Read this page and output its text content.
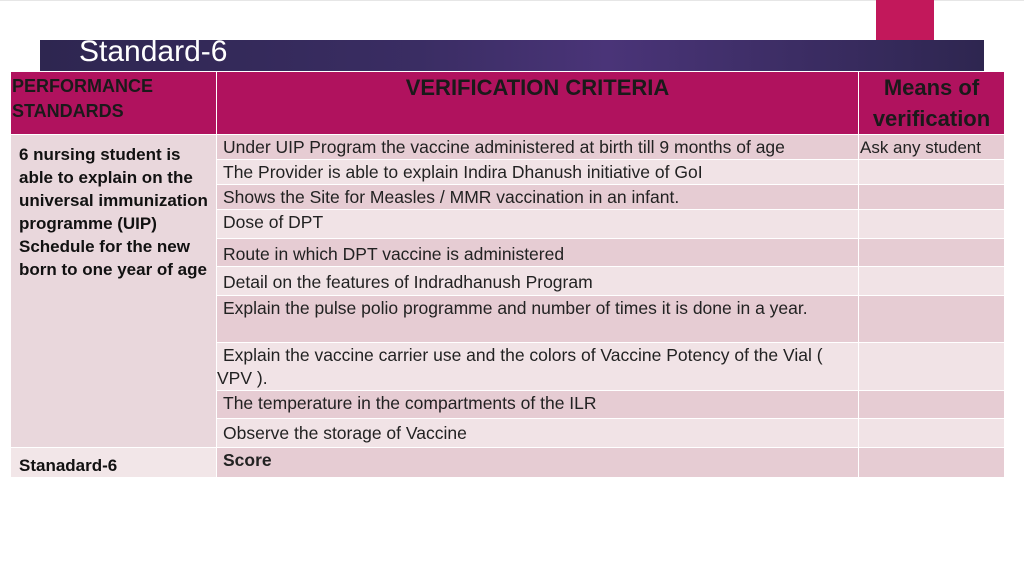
Standard-6
PERFORMANCE STANDARDS	VERIFICATION CRITERIA	Means of verification
6 nursing student is able to explain on the universal immunization programme (UIP) Schedule for the new born to one year of age	Under UIP Program the vaccine administered at birth till 9 months of age	Ask any student
	The Provider is able to explain Indira Dhanush initiative of GoI	
	Shows the Site for Measles / MMR vaccination in an infant.	
	Dose of DPT	
	Route in which DPT vaccine is administered	
	Detail on the features of Indradhanush Program	
	Explain the pulse polio programme and number of times it is done in a year.	
	Explain the vaccine carrier use and the colors of Vaccine Potency of the Vial ( VPV ).	
	The temperature in the compartments of the ILR	
	Observe the storage of Vaccine	
Stanadard-6	Score	
